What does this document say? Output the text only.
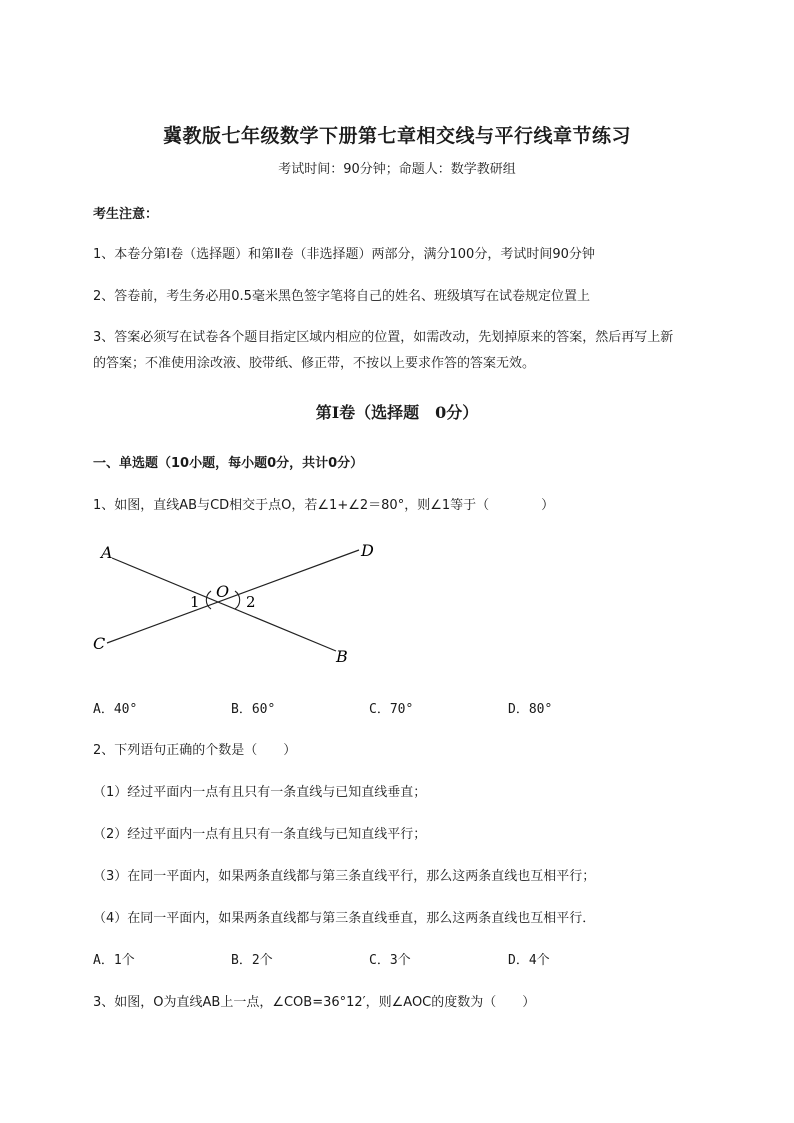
冀教版七年级数学下册第七章相交线与平行线章节练习
考试时间：90分钟；命题人：数学教研组
考生注意：
1、本卷分第Ⅰ卷（选择题）和第Ⅱ卷（非选择题）两部分，满分100分，考试时间90分钟
2、答卷前，考生务必用0.5毫米黑色签字笔将自己的姓名、班级填写在试卷规定位置上
3、答案必须写在试卷各个题目指定区域内相应的位置，如需改动，先划掉原来的答案，然后再写上新
的答案；不准使用涂改液、胶带纸、修正带，不按以上要求作答的答案无效。
第Ⅰ卷（选择题　0分）
一、单选题（10小题，每小题0分，共计0分）
1、如图，直线AB与CD相交于点O，若∠1+∠2＝80°，则∠1等于（　　　　）
A	D
O
1	2
C
B
A．40°	B．60°	C．70°	D．80°
2、下列语句正确的个数是（　　）
（1）经过平面内一点有且只有一条直线与已知直线垂直；
（2）经过平面内一点有且只有一条直线与已知直线平行；
（3）在同一平面内，如果两条直线都与第三条直线平行，那么这两条直线也互相平行；
（4）在同一平面内，如果两条直线都与第三条直线垂直，那么这两条直线也互相平行．
A．1个	B．2个	C．3个	D．4个
3、如图，O为直线AB上一点，∠COB=36°12′，则∠AOC的度数为（　　）
